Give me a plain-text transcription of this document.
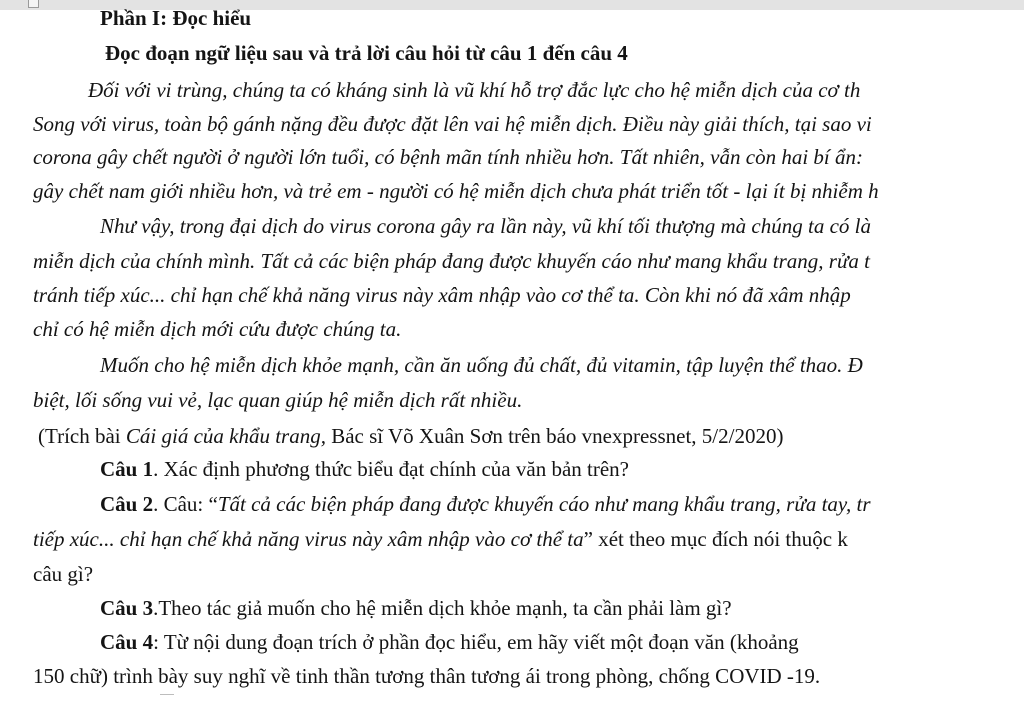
Phần I: Đọc hiểu
Đọc đoạn ngữ liệu sau và trả lời câu hỏi từ câu 1 đến câu 4
Đối với vi trùng, chúng ta có kháng sinh là vũ khí hỗ trợ đắc lực cho hệ miễn dịch của cơ th
Song với virus, toàn bộ gánh nặng đều được đặt lên vai hệ miễn dịch. Điều này giải thích, tại sao vi
corona gây chết người ở người lớn tuổi, có bệnh mãn tính nhiều hơn. Tất nhiên, vẫn còn hai bí ẩn:
gây chết nam giới nhiều hơn, và trẻ em - người có hệ miễn dịch chưa phát triển tốt - lại ít bị nhiễm h
Như vậy, trong đại dịch do virus corona gây ra lần này, vũ khí tối thượng mà chúng ta có là
miễn dịch của chính mình. Tất cả các biện pháp đang được khuyến cáo như mang khẩu trang, rửa t
tránh tiếp xúc... chỉ hạn chế khả năng virus này xâm nhập vào cơ thể ta. Còn khi nó đã xâm nhập
chỉ có hệ miễn dịch mới cứu được chúng ta.
Muốn cho hệ miễn dịch khỏe mạnh, cần ăn uống đủ chất, đủ vitamin, tập luyện thể thao. Đ
biệt, lối sống vui vẻ, lạc quan giúp hệ miễn dịch rất nhiều.
(Trích bài Cái giá của khẩu trang, Bác sĩ Võ Xuân Sơn trên báo vnexpressnet, 5/2/2020)
Câu 1. Xác định phương thức biểu đạt chính của văn bản trên?
Câu 2. Câu: “Tất cả các biện pháp đang được khuyến cáo như mang khẩu trang, rửa tay, tr
tiếp xúc... chỉ hạn chế khả năng virus này xâm nhập vào cơ thể ta” xét theo mục đích nói thuộc k
câu gì?
Câu 3.Theo tác giả muốn cho hệ miễn dịch khỏe mạnh, ta cần phải làm gì?
Câu 4: Từ nội dung đoạn trích ở phần đọc hiểu, em hãy viết một đoạn văn (khoảng
150 chữ) trình bày suy nghĩ về tinh thần tương thân tương ái trong phòng, chống COVID -19.
